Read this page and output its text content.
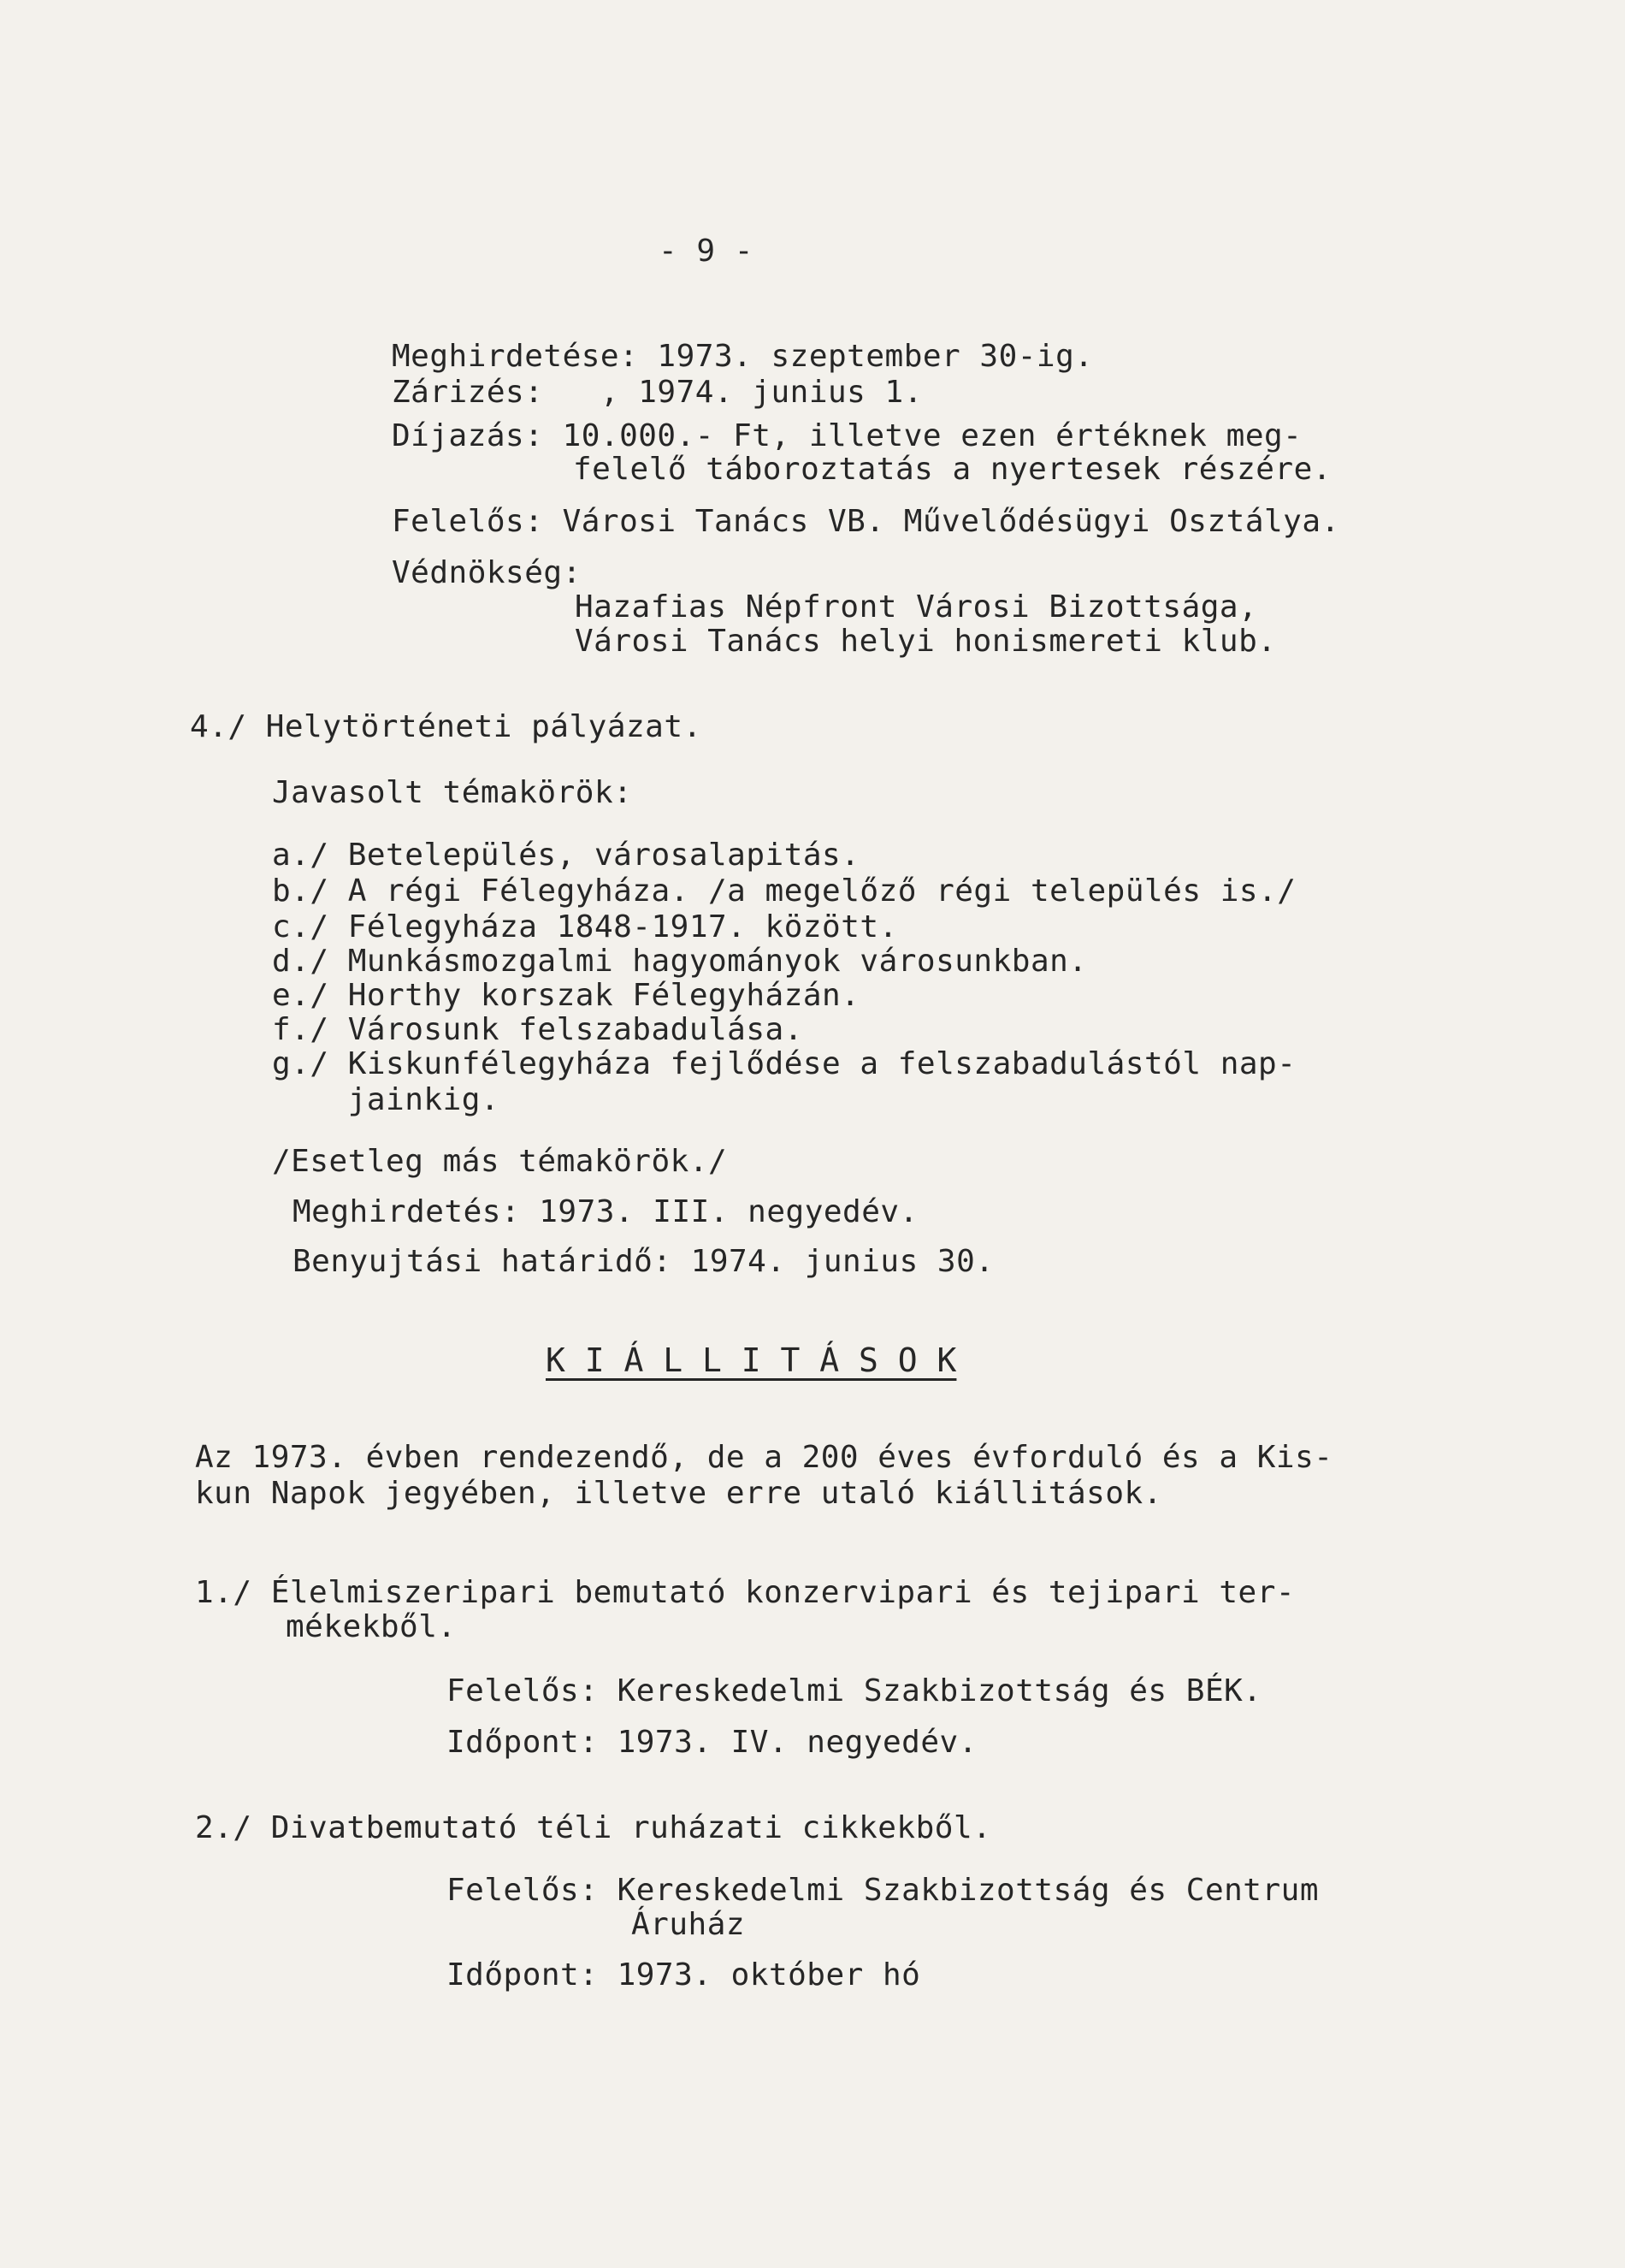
- 9 -
Meghirdetése: 1973. szeptember 30-ig.
Zárizés:   , 1974. junius 1.
Díjazás: 10.000.- Ft, illetve ezen értéknek meg-
felelő táboroztatás a nyertesek részére.
Felelős: Városi Tanács VB. Művelődésügyi Osztálya.
Védnökség:
Hazafias Népfront Városi Bizottsága,
Városi Tanács helyi honismereti klub.
4./ Helytörténeti pályázat.
Javasolt témakörök:
a./ Betelepülés, városalapitás.
b./ A régi Félegyháza. /a megelőző régi település is./
c./ Félegyháza 1848-1917. között.
d./ Munkásmozgalmi hagyományok városunkban.
e./ Horthy korszak Félegyházán.
f./ Városunk felszabadulása.
g./ Kiskunfélegyháza fejlődése a felszabadulástól nap-
jainkig.
/Esetleg más témakörök./
Meghirdetés: 1973. III. negyedév.
Benyujtási határidő: 1974. junius 30.
K I Á L L I T Á S O K
Az 1973. évben rendezendő, de a 200 éves évforduló és a Kis-
kun Napok jegyében, illetve erre utaló kiállitások.
1./ Élelmiszeripari bemutató konzervipari és tejipari ter-
mékekből.
Felelős: Kereskedelmi Szakbizottság és BÉK.
Időpont: 1973. IV. negyedév.
2./ Divatbemutató téli ruházati cikkekből.
Felelős: Kereskedelmi Szakbizottság és Centrum
Áruház
Időpont: 1973. október hó
